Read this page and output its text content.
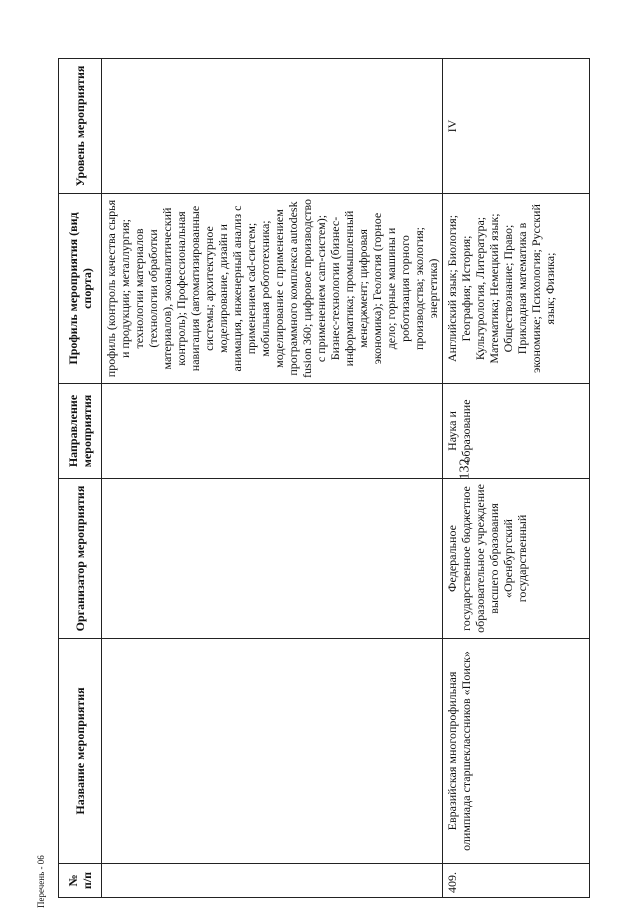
132
№ п/п	Название мероприятия	Организатор мероприятия	Направление мероприятия	Профиль мероприятия (вид спорта)	Уровень мероприятия
				профиль (контроль качества сырья и продукции; металлургия; технологии материалов (технологии обработки материалов), экоаналитический контроль); Профессиональная навигация (автоматизированные системы; архитектурное моделирование, дизайн и анимация, инженерный анализ с применением cad-систем; мобильная робототехника; моделирование с применением программного комплекса autodesk fusion 360; цифровое производство с применением cam-систем); Бизнес-технологии (бизнес-информатика; промышленный менеджмент; цифровая экономика); Геология (горное дело; горные машины и роботизация горного производства; экология; энергетика)	
409.	Евразийская многопрофильная олимпиада старшеклассников «Поиск»	Федеральное государственное бюджетное образовательное учреждение высшего образования «Оренбургский государственный	Наука и образование	Английский язык; Биология; География; История; Культурология, Литература; Математика; Немецкий язык; Обществознание; Право; Прикладная математика в экономике; Психология; Русский язык; Физика;	IV
Перечень - 06
